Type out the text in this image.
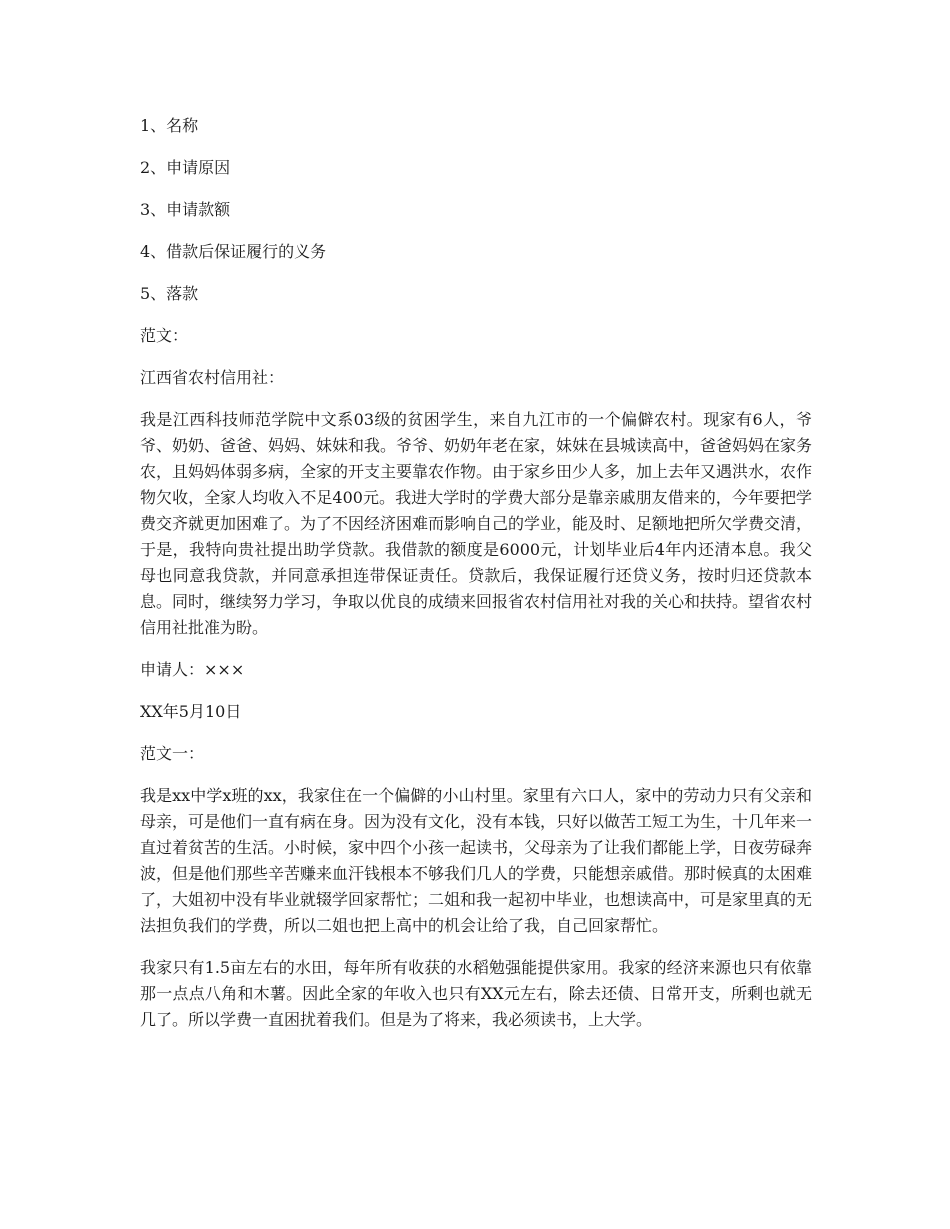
1、名称
2、申请原因
3、申请款额
4、借款后保证履行的义务
5、落款
范文：
江西省农村信用社：

我是江西科技师范学院中文系03级的贫困学生，来自九江市的一个偏僻农村。现家有6人，爷爷、奶奶、爸爸、妈妈、妹妹和我。爷爷、奶奶年老在家，妹妹在县城读高中，爸爸妈妈在家务农，且妈妈体弱多病，全家的开支主要靠农作物。由于家乡田少人多，加上去年又遇洪水，农作物欠收，全家人均收入不足400元。我进大学时的学费大部分是靠亲戚朋友借来的，今年要把学费交齐就更加困难了。为了不因经济困难而影响自己的学业，能及时、足额地把所欠学费交清，于是，我特向贵社提出助学贷款。我借款的额度是6000元，计划毕业后4年内还清本息。我父母也同意我贷款，并同意承担连带保证责任。贷款后，我保证履行还贷义务，按时归还贷款本息。同时，继续努力学习，争取以优良的成绩来回报省农村信用社对我的关心和扶持。望省农村信用社批准为盼。

申请人：×××
XX年5月10日
范文一：

我是xx中学x班的xx，我家住在一个偏僻的小山村里。家里有六口人，家中的劳动力只有父亲和母亲，可是他们一直有病在身。因为没有文化，没有本钱，只好以做苦工短工为生，十几年来一直过着贫苦的生活。小时候，家中四个小孩一起读书，父母亲为了让我们都能上学，日夜劳碌奔波，但是他们那些辛苦赚来血汗钱根本不够我们几人的学费，只能想亲戚借。那时候真的太困难了，大姐初中没有毕业就辍学回家帮忙；二姐和我一起初中毕业，也想读高中，可是家里真的无法担负我们的学费，所以二姐也把上高中的机会让给了我，自己回家帮忙。

我家只有1.5亩左右的水田，每年所有收获的水稻勉强能提供家用。我家的经济来源也只有依靠那一点点八角和木薯。因此全家的年收入也只有XX元左右，除去还债、日常开支，所剩也就无几了。所以学费一直困扰着我们。但是为了将来，我必须读书，上大学。
